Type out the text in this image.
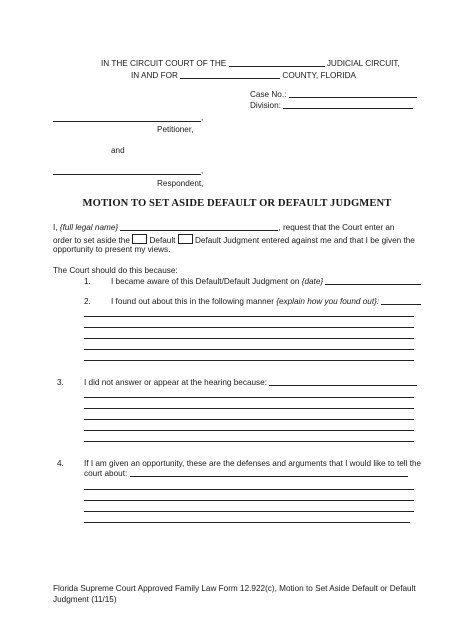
IN THE CIRCUIT COURT OF THE	JUDICIAL CIRCUIT,
IN AND FOR	COUNTY, FLORIDA
Case No.:
Division:
,
Petitioner,
and
,
Respondent,
MOTION TO SET ASIDE DEFAULT OR DEFAULT JUDGMENT
I, {full legal name}	, request that the Court enter an
order to set aside the Default Default Judgment entered against me and that I be given the
opportunity to present my views.
The Court should do this because:
1. I became aware of this Default/Default Judgment on {date}
2. I found out about this in the following manner {explain how you found out}:
3. I did not answer or appear at the hearing because:
4. If I am given an opportunity, these are the defenses and arguments that I would like to tell the
court about:
Florida Supreme Court Approved Family Law Form 12.922(c), Motion to Set Aside Default or Default
Judgment (11/15)
